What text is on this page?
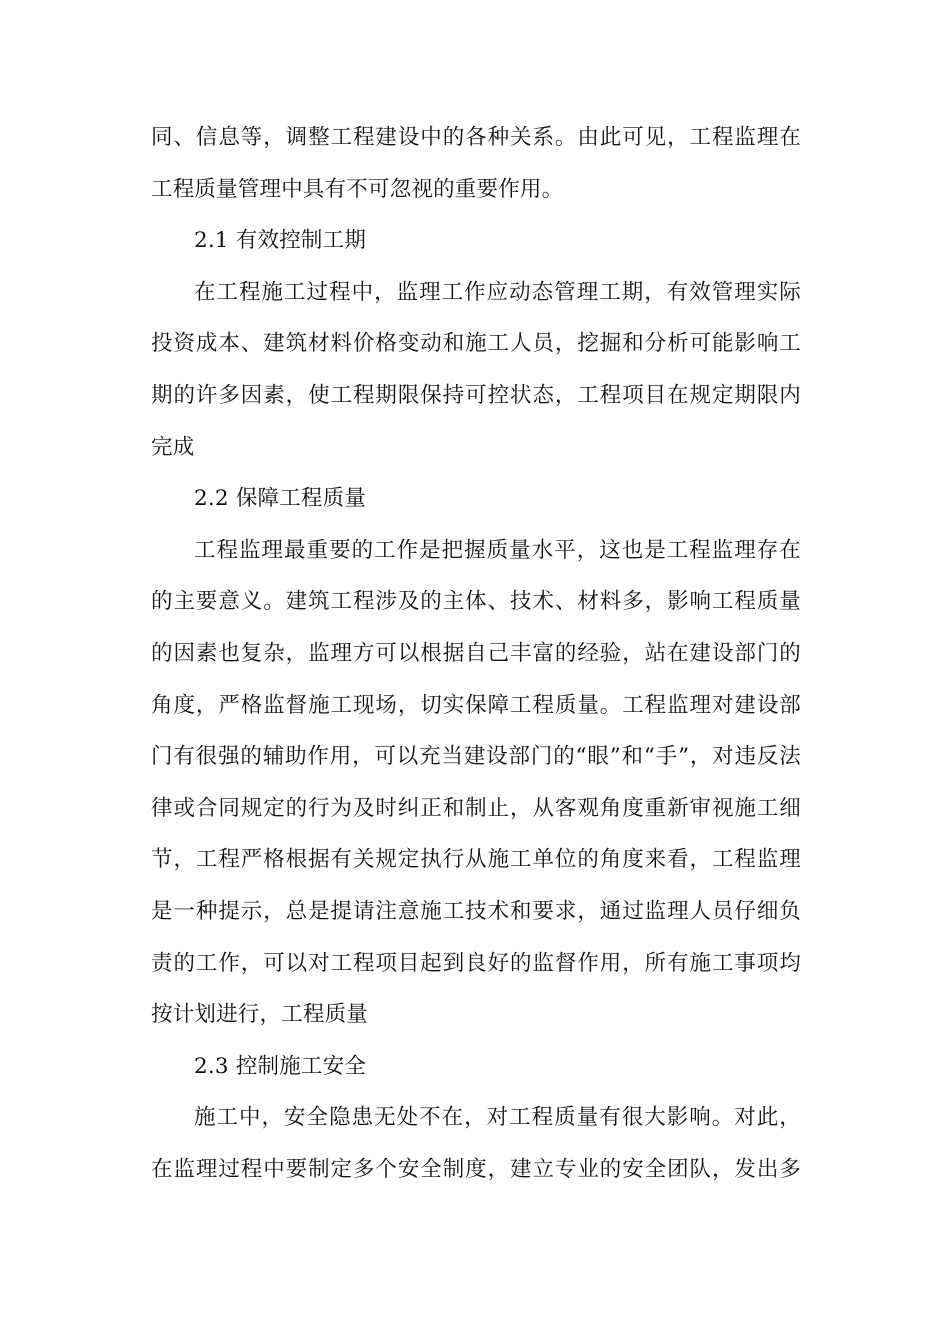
同、信息等，调整工程建设中的各种关系。由此可见，工程监理在
工程质量管理中具有不可忽视的重要作用。
2.1 有效控制工期
在工程施工过程中，监理工作应动态管理工期，有效管理实际
投资成本、建筑材料价格变动和施工人员，挖掘和分析可能影响工
期的许多因素，使工程期限保持可控状态，工程项目在规定期限内
完成
2.2 保障工程质量
工程监理最重要的工作是把握质量水平，这也是工程监理存在
的主要意义。建筑工程涉及的主体、技术、材料多，影响工程质量
的因素也复杂，监理方可以根据自己丰富的经验，站在建设部门的
角度，严格监督施工现场，切实保障工程质量。工程监理对建设部
门有很强的辅助作用，可以充当建设部门的“眼”和“手”，对违反法
律或合同规定的行为及时纠正和制止，从客观角度重新审视施工细
节，工程严格根据有关规定执行从施工单位的角度来看，工程监理
是一种提示，总是提请注意施工技术和要求，通过监理人员仔细负
责的工作，可以对工程项目起到良好的监督作用，所有施工事项均
按计划进行，工程质量
2.3 控制施工安全
施工中，安全隐患无处不在，对工程质量有很大影响。对此，
在监理过程中要制定多个安全制度，建立专业的安全团队，发出多
